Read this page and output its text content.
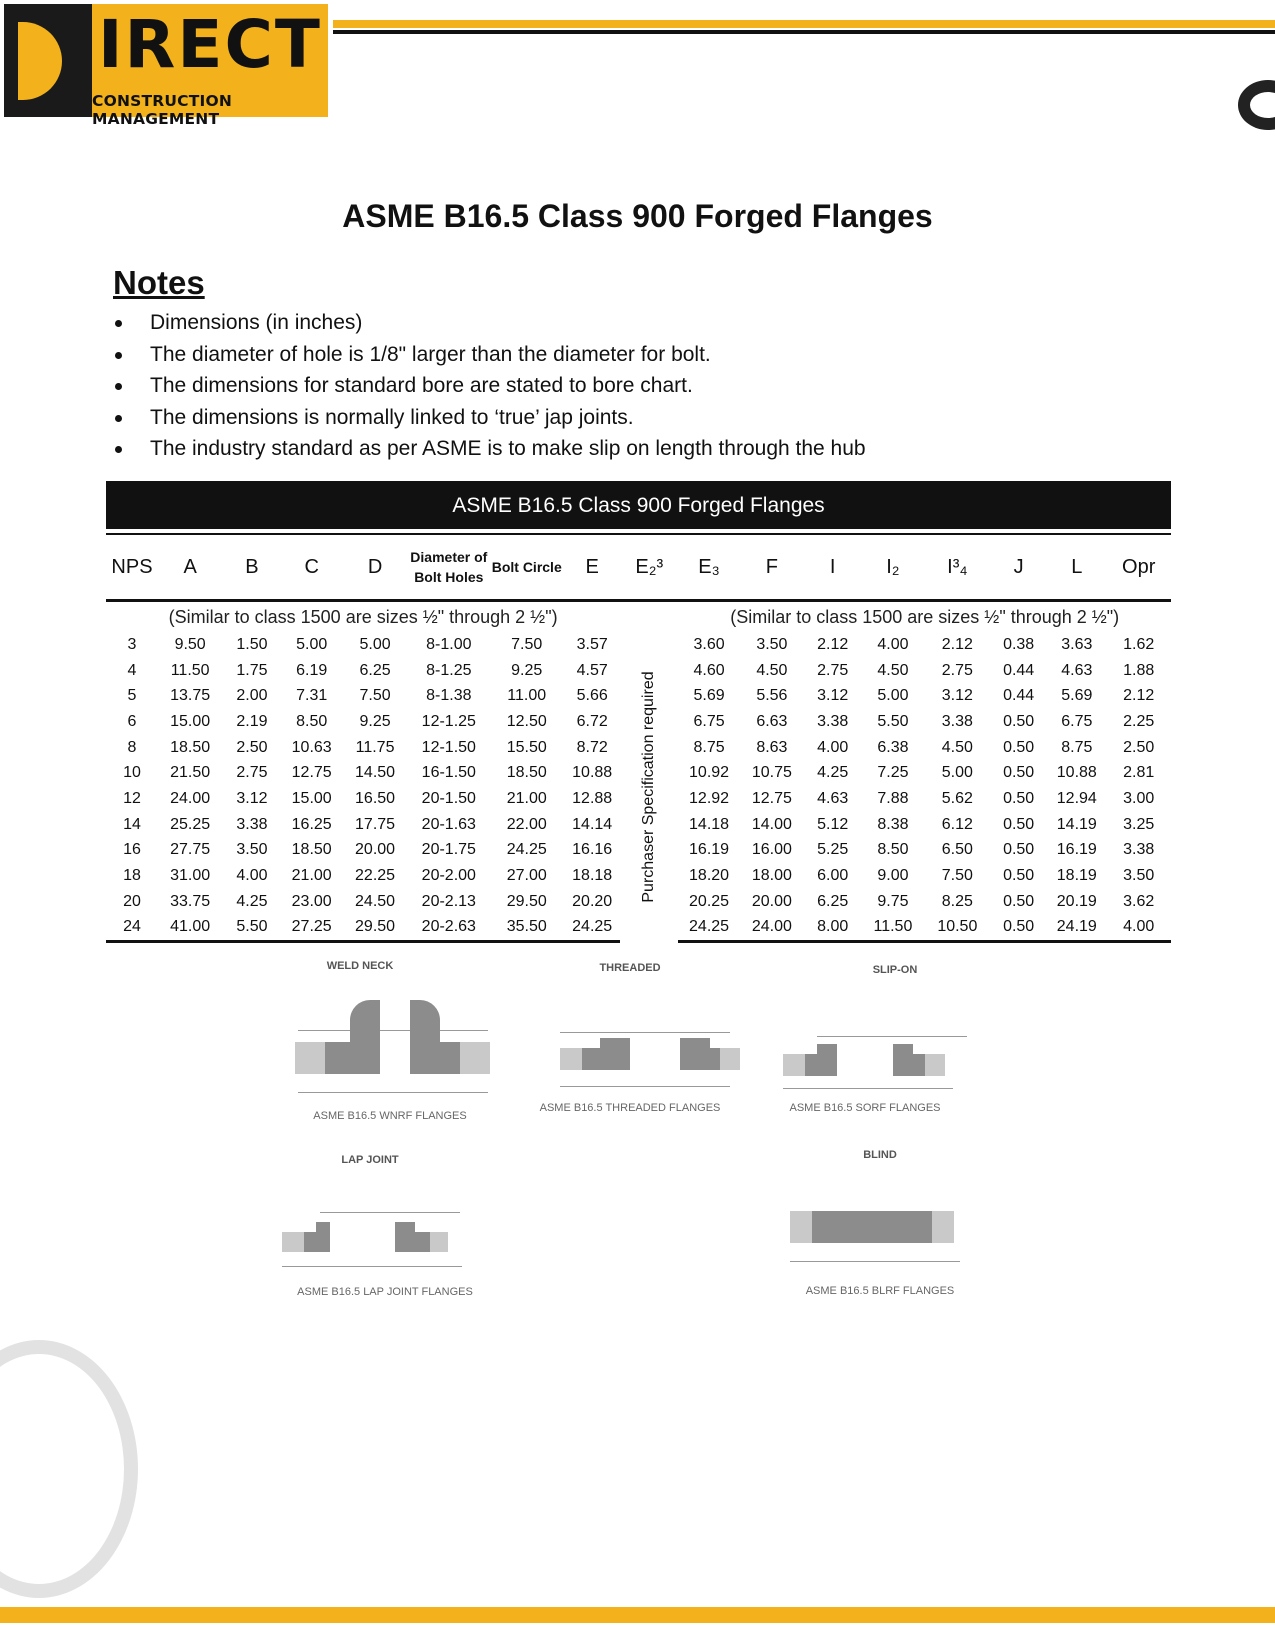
IRECT
CONSTRUCTION MANAGEMENT
ASME B16.5 Class 900 Forged Flanges
Notes
Dimensions (in inches)
The diameter of hole is 1/8" larger than the diameter for bolt.
The dimensions for standard bore are stated to bore chart.
The dimensions is normally linked to ‘true’ jap joints.
The industry standard as per ASME is to make slip on length through the hub
ASME B16.5 Class 900 Forged Flanges
NPS	A	B	C	D	Diameter of Bolt Holes	Bolt Circle	E	E₂³	E₃	F	I	I₂	I³₄	J	L	Opr
(Similar to class 1500 are sizes ½" through 2 ½")									(Similar to class 1500 are sizes ½" through 2 ½")							
3	9.50	1.50	5.00	5.00	8-1.00	7.50	3.57	Purchaser Specification required	3.60	3.50	2.12	4.00	2.12	0.38	3.63	1.62
4	11.50	1.75	6.19	6.25	8-1.25	9.25	4.57		4.60	4.50	2.75	4.50	2.75	0.44	4.63	1.88
5	13.75	2.00	7.31	7.50	8-1.38	11.00	5.66		5.69	5.56	3.12	5.00	3.12	0.44	5.69	2.12
6	15.00	2.19	8.50	9.25	12-1.25	12.50	6.72		6.75	6.63	3.38	5.50	3.38	0.50	6.75	2.25
8	18.50	2.50	10.63	11.75	12-1.50	15.50	8.72		8.75	8.63	4.00	6.38	4.50	0.50	8.75	2.50
10	21.50	2.75	12.75	14.50	16-1.50	18.50	10.88		10.92	10.75	4.25	7.25	5.00	0.50	10.88	2.81
12	24.00	3.12	15.00	16.50	20-1.50	21.00	12.88		12.92	12.75	4.63	7.88	5.62	0.50	12.94	3.00
14	25.25	3.38	16.25	17.75	20-1.63	22.00	14.14		14.18	14.00	5.12	8.38	6.12	0.50	14.19	3.25
16	27.75	3.50	18.50	20.00	20-1.75	24.25	16.16		16.19	16.00	5.25	8.50	6.50	0.50	16.19	3.38
18	31.00	4.00	21.00	22.25	20-2.00	27.00	18.18		18.20	18.00	6.00	9.00	7.50	0.50	18.19	3.50
20	33.75	4.25	23.00	24.50	20-2.13	29.50	20.20		20.25	20.00	6.25	9.75	8.25	0.50	20.19	3.62
24	41.00	5.50	27.25	29.50	20-2.63	35.50	24.25		24.25	24.00	8.00	11.50	10.50	0.50	24.19	4.00
WELD NECK
ASME B16.5 WNRF FLANGES
THREADED
ASME B16.5 THREADED FLANGES
SLIP-ON
ASME B16.5 SORF FLANGES
LAP JOINT
ASME B16.5 LAP JOINT FLANGES
BLIND
ASME B16.5 BLRF FLANGES
